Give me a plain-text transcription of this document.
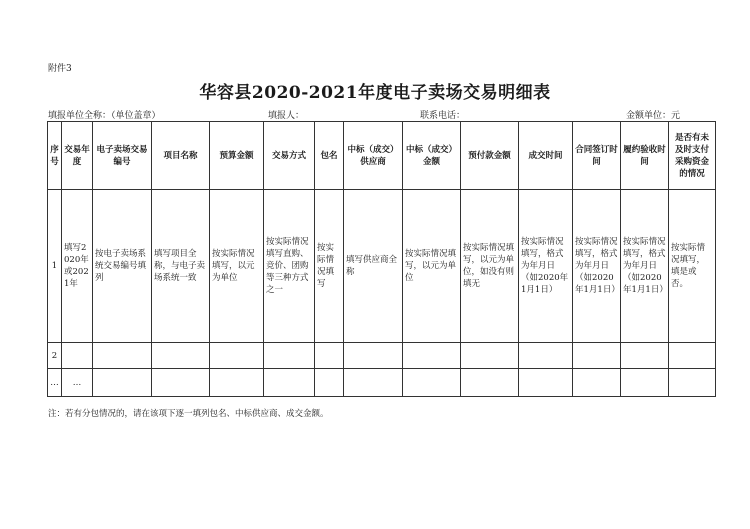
附件3
华容县2020-2021年度电子卖场交易明细表
填报单位全称：（单位盖章）	填报人：	联系电话：	金额单位：元
序号	交易年度	电子卖场交易编号	项目名称	预算金额	交易方式	包名	中标（成交）供应商	中标（成交）金额	预付款金额	成交时间	合同签订时间	履约验收时间	是否有未及时支付采购资金的情况
1	填写2020年或2021年	按电子卖场系统交易编号填列	填写项目全称，与电子卖场系统一致	按实际情况填写，以元为单位	按实际情况填写直购、竞价、团购等三种方式之一	按实际情况填写	填写供应商全称	按实际情况填写，以元为单位	按实际情况填写，以元为单位，如没有则填无	按实际情况填写，格式为年月日（如2020年1月1日）	按实际情况填写，格式为年月日（如2020年1月1日）	按实际情况填写，格式为年月日（如2020年1月1日）	按实际情况填写，填是或否。
2													
…	…												
注：若有分包情况的，请在该项下逐一填列包名、中标供应商、成交金额。
